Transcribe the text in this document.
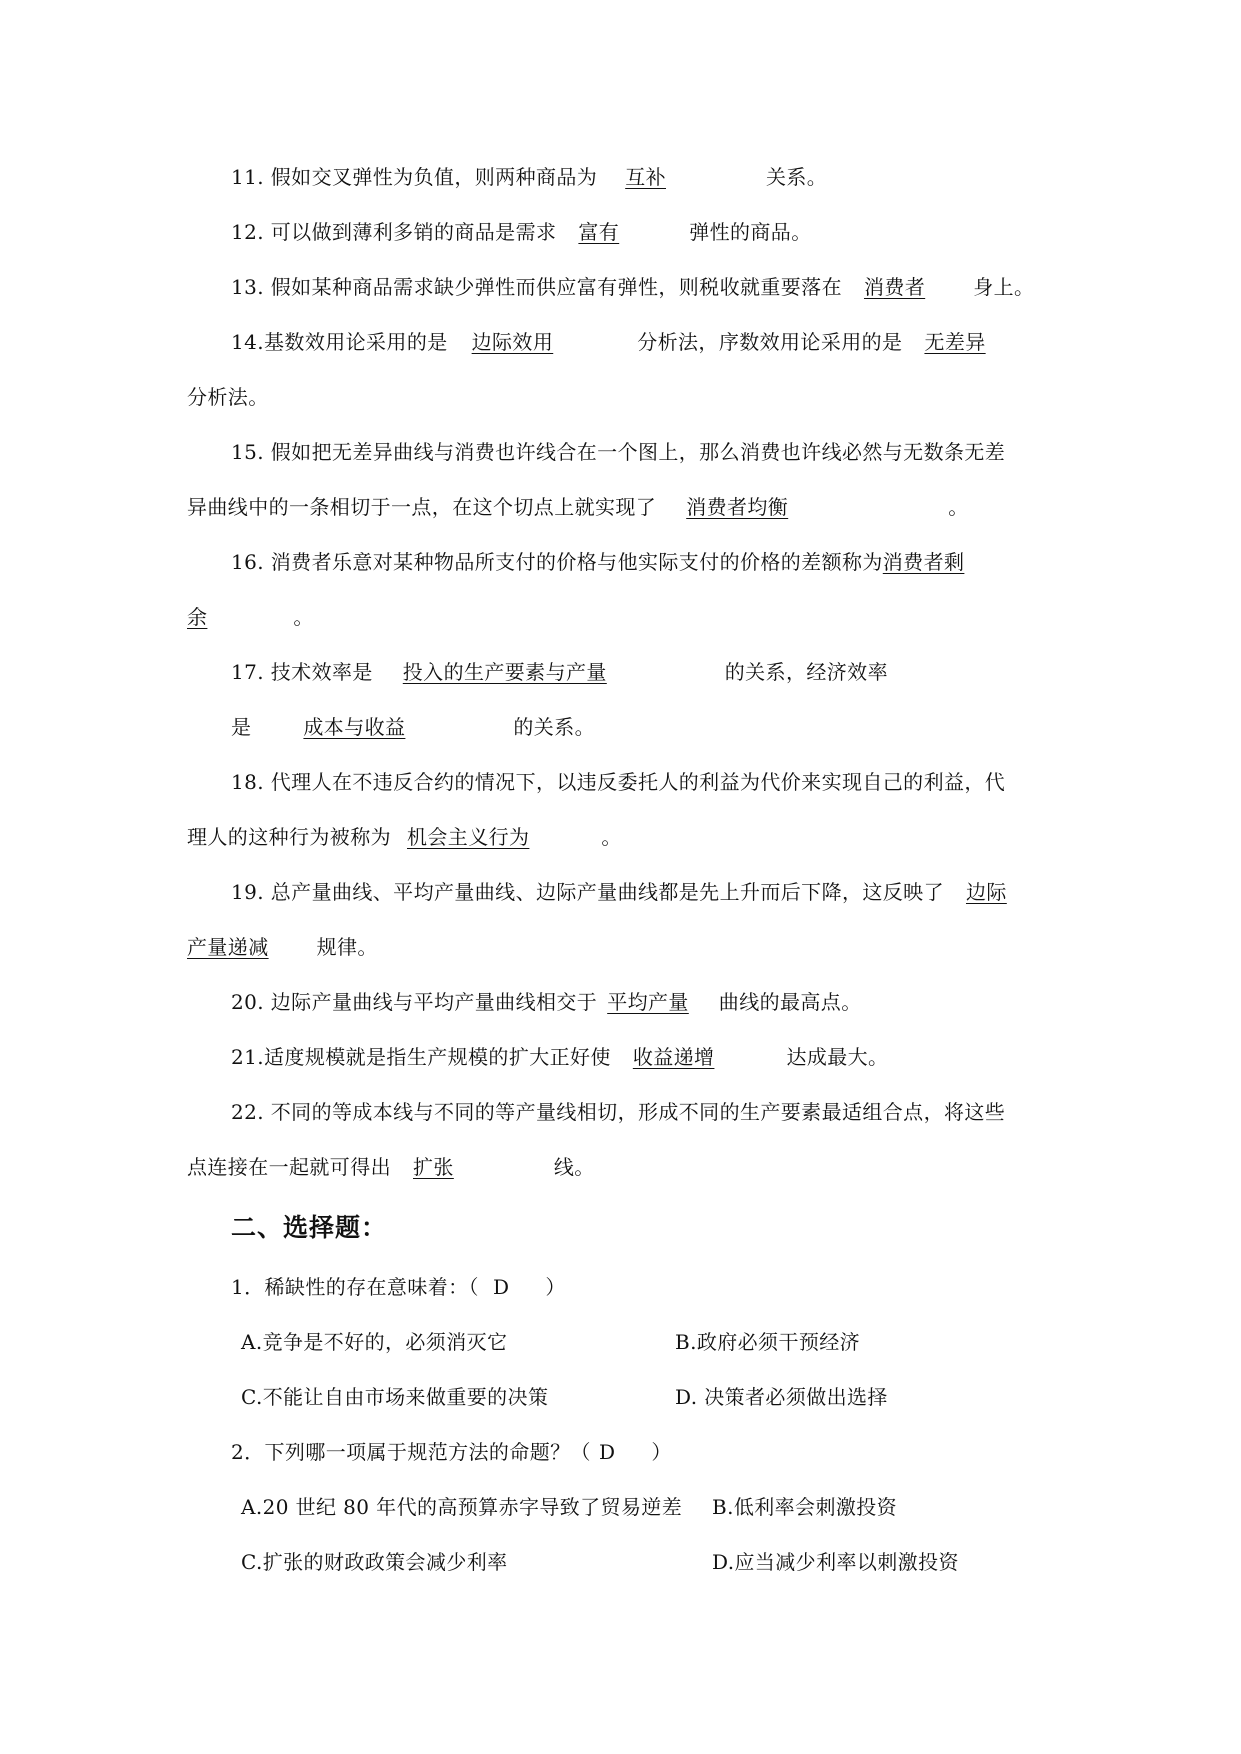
11. 假如交叉弹性为负值，则两种商品为 互补	关系。
12. 可以做到薄利多销的商品是需求 富有	弹性的商品。
13. 假如某种商品需求缺少弹性而供应富有弹性，则税收就重要落在 消费者 身上。
14.基数效用论采用的是 边际效用	分析法，序数效用论采用的是 无差异
分析法。
15. 假如把无差异曲线与消费也许线合在一个图上，那么消费也许线必然与无数条无差
异曲线中的一条相切于一点，在这个切点上就实现了 消费者均衡	。
16. 消费者乐意对某种物品所支付的价格与他实际支付的价格的差额称为消费者剩
余	。
17. 技术效率是 投入的生产要素与产量	的关系，经济效率
是	成本与收益	的关系。
18. 代理人在不违反合约的情况下，以违反委托人的利益为代价来实现自己的利益，代
理人的这种行为被称为 机会主义行为	。
19. 总产量曲线、平均产量曲线、边际产量曲线都是先上升而后下降，这反映了 边际
产量递减 规律。
20. 边际产量曲线与平均产量曲线相交于 平均产量 曲线的最高点。
21.适度规模就是指生产规模的扩大正好使 收益递增	达成最大。
22. 不同的等成本线与不同的等产量线相切，形成不同的生产要素最适组合点，将这些
点连接在一起就可得出 扩张	线。
二、选择题：
1．稀缺性的存在意味着：（ D ）
A.竞争是不好的，必须消灭它	B.政府必须干预经济
C.不能让自由市场来做重要的决策	D. 决策者必须做出选择
2．下列哪一项属于规范方法的命题？（ D ）
A.20 世纪 80 年代的高预算赤字导致了贸易逆差 B.低利率会刺激投资
C.扩张的财政政策会减少利率	D.应当减少利率以刺激投资
